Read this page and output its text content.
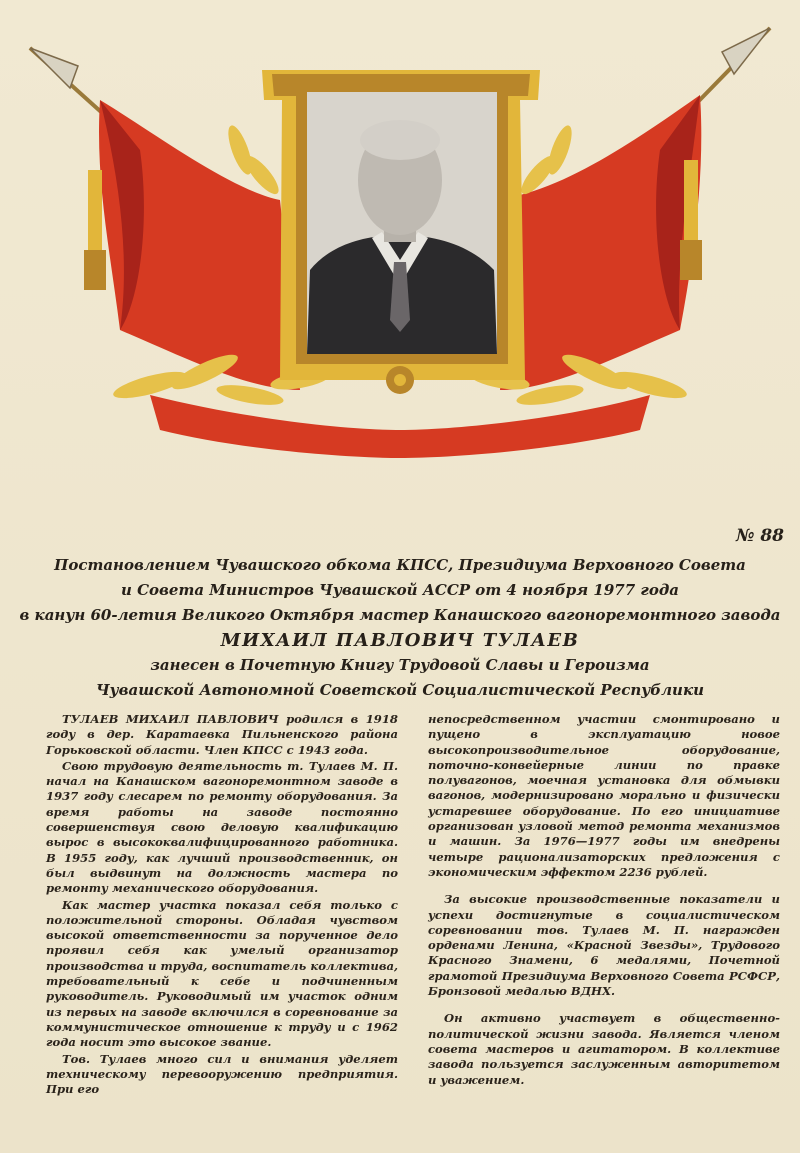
№ 88
Постановлением Чувашского обкома КПСС, Президиума Верховного Совета
и Совета Министров Чувашской АССР от 4 ноября 1977 года
в канун 60-летия Великого Октября мастер Канашского вагоноремонтного завода
МИХАИЛ ПАВЛОВИЧ ТУЛАЕВ
занесен в Почетную Книгу Трудовой Славы и Героизма
Чувашской Автономной Советской Социалистической Республики

ТУЛАЕВ МИХАИЛ ПАВЛОВИЧ родился в 1918 году в дер. Каратаевка Пильненского района Горьковской области. Член КПСС с 1943 года.

Свою трудовую деятельность т. Тулаев М. П. начал на Канашском вагоноремонтном заводе в 1937 году слесарем по ремонту оборудования. За время работы на заводе постоянно совершенствуя свою деловую квалификацию вырос в высококвалифицированного работника. В 1955 году, как лучший производственник, он был выдвинут на должность мастера по ремонту механического оборудования.

Как мастер участка показал себя только с положительной стороны. Обладая чувством высокой ответственности за порученное дело проявил себя как умелый организатор производства и труда, воспитатель коллектива, требовательный к себе и подчиненным руководитель. Руководимый им участок одним из первых на заводе включился в соревнование за коммунистическое отношение к труду и с 1962 года носит это высокое звание.

Тов. Тулаев много сил и внимания уделяет техническому перевооружению предприятия. При его

непосредственном участии смонтировано и пущено в эксплуатацию новое высокопроизводительное оборудование, поточно-конвейерные линии по правке полувагонов, моечная установка для обмывки вагонов, модернизировано морально и физически устаревшее оборудование. По его инициативе организован узловой метод ремонта механизмов и машин. За 1976—1977 годы им внедрены четыре рационализаторских предложения с экономическим эффектом 2236 рублей.

За высокие производственные показатели и успехи достигнутые в социалистическом соревновании тов. Тулаев М. П. награжден орденами Ленина, «Красной Звезды», Трудового Красного Знамени, 6 медалями, Почетной грамотой Президиума Верховного Совета РСФСР, Бронзовой медалью ВДНХ.

Он активно участвует в общественно-политической жизни завода. Является членом совета мастеров и агитатором. В коллективе завода пользуется заслуженным авторитетом и уважением.
